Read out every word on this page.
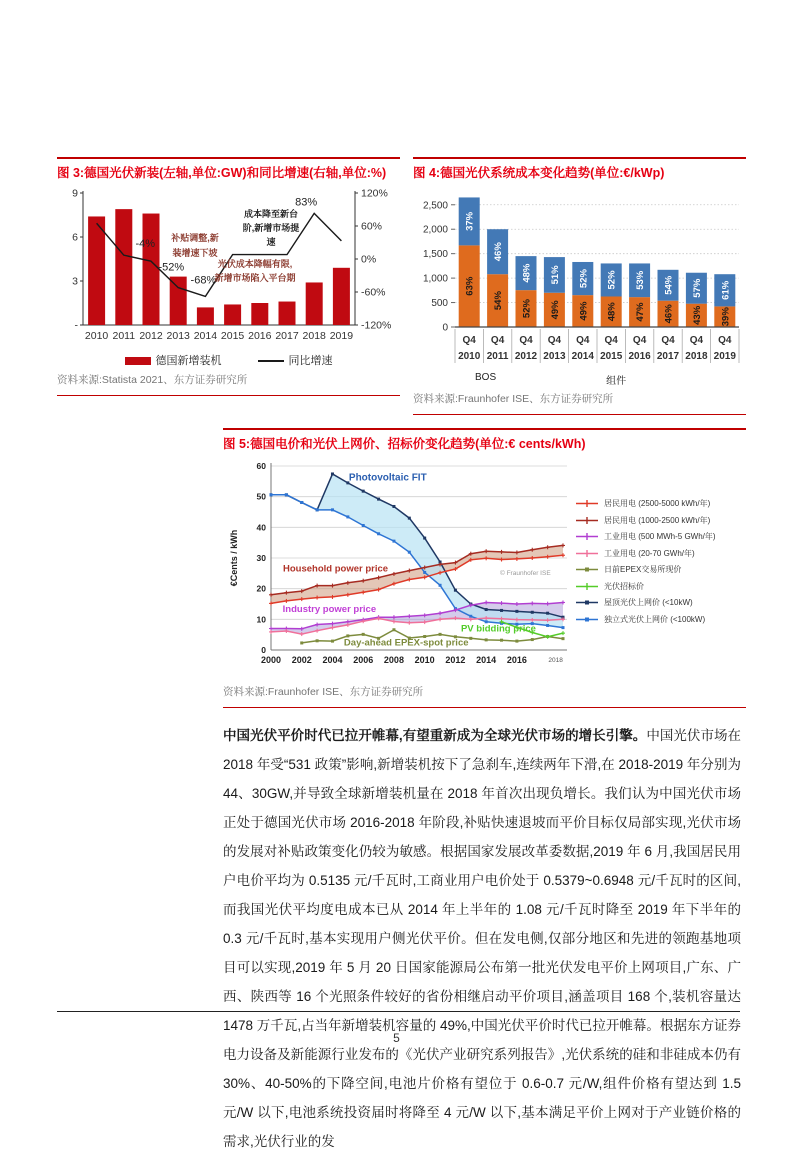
图 3:德国光伏新装(左轴,单位:GW)和同比增速(右轴,单位:%)
9
6
3
-
120%
60%
0%
-60%
-120%
2010 2011 2012 2013 2014 2015 2016 2017 2018 2019
-4%
-52%
-68%
83%
补贴调整,新装增速下坡
成本降至新台阶,新增市场提速
光伏成本降幅有限,新增市场陷入平台期
德国新增装机	同比增速
资料来源:Statista 2021、东方证券研究所
图 4:德国光伏系统成本变化趋势(单位:€/kWp)
0
500
1,000
1,500
2,000
2,500
63%
37%
54%
46%
52%
48%
49%
51%
49%
52%
48%
52%
47%
53%
46%
54%
43%
57%
39%
61%
Q4 Q4 Q4 Q4 Q4 Q4 Q4 Q4 Q4 Q4
2010 2011 2012 2013 2014 2015 2016 2017 2018 2019
BOS	组件
资料来源:Fraunhofer ISE、东方证券研究所
图 5:德国电价和光伏上网价、招标价变化趋势(单位:€ cents/kWh)
0
10
20
30
40
50
60
2000 2002 2004 2006 2008 2010 2012 2014 2016	2018
€Cents / kWh
Photovoltaic FIT
Household power price
Industry power price
PV bidding price
Day-ahead EPEX-spot price
© Fraunhofer ISE
居民用电 (2500-5000 kWh/年)
居民用电 (1000-2500 kWh/年)
工业用电 (500 MWh-5 GWh/年)
工业用电 (20-70 GWh/年)
日前EPEX交易所现价
光伏招标价
屋顶光伏上网价 (<10kW)
独立式光伏上网价 (<100kW)
资料来源:Fraunhofer ISE、东方证券研究所

中国光伏平价时代已拉开帷幕,有望重新成为全球光伏市场的增长引擎。中国光伏市场在 2018 年受“531 政策”影响,新增装机按下了急刹车,连续两年下滑,在 2018-2019 年分别为 44、30GW,并导致全球新增装机量在 2018 年首次出现负增长。我们认为中国光伏市场正处于德国光伏市场 2016-2018 年阶段,补贴快速退坡而平价目标仅局部实现,光伏市场的发展对补贴政策变化仍较为敏感。根据国家发展改革委数据,2019 年 6 月,我国居民用户电价平均为 0.5135 元/千瓦时,工商业用户电价处于 0.5379~0.6948 元/千瓦时的区间,而我国光伏平均度电成本已从 2014 年上半年的 1.08 元/千瓦时降至 2019 年下半年的 0.3 元/千瓦时,基本实现用户侧光伏平价。但在发电侧,仅部分地区和先进的领跑基地项目可以实现,2019 年 5 月 20 日国家能源局公布第一批光伏发电平价上网项目,广东、广西、陕西等 16 个光照条件较好的省份相继启动平价项目,涵盖项目 168 个,装机容量达 1478 万千瓦,占当年新增装机容量的 49%,中国光伏平价时代已拉开帷幕。根据东方证券电力设备及新能源行业发布的《光伏产业研究系列报告》,光伏系统的硅和非硅成本仍有 30%、40-50%的下降空间,电池片价格有望位于 0.6-0.7 元/W,组件价格有望达到 1.5 元/W 以下,电池系统投资届时将降至 4 元/W 以下,基本满足平价上网对于产业链价格的需求,光伏行业的发

5
